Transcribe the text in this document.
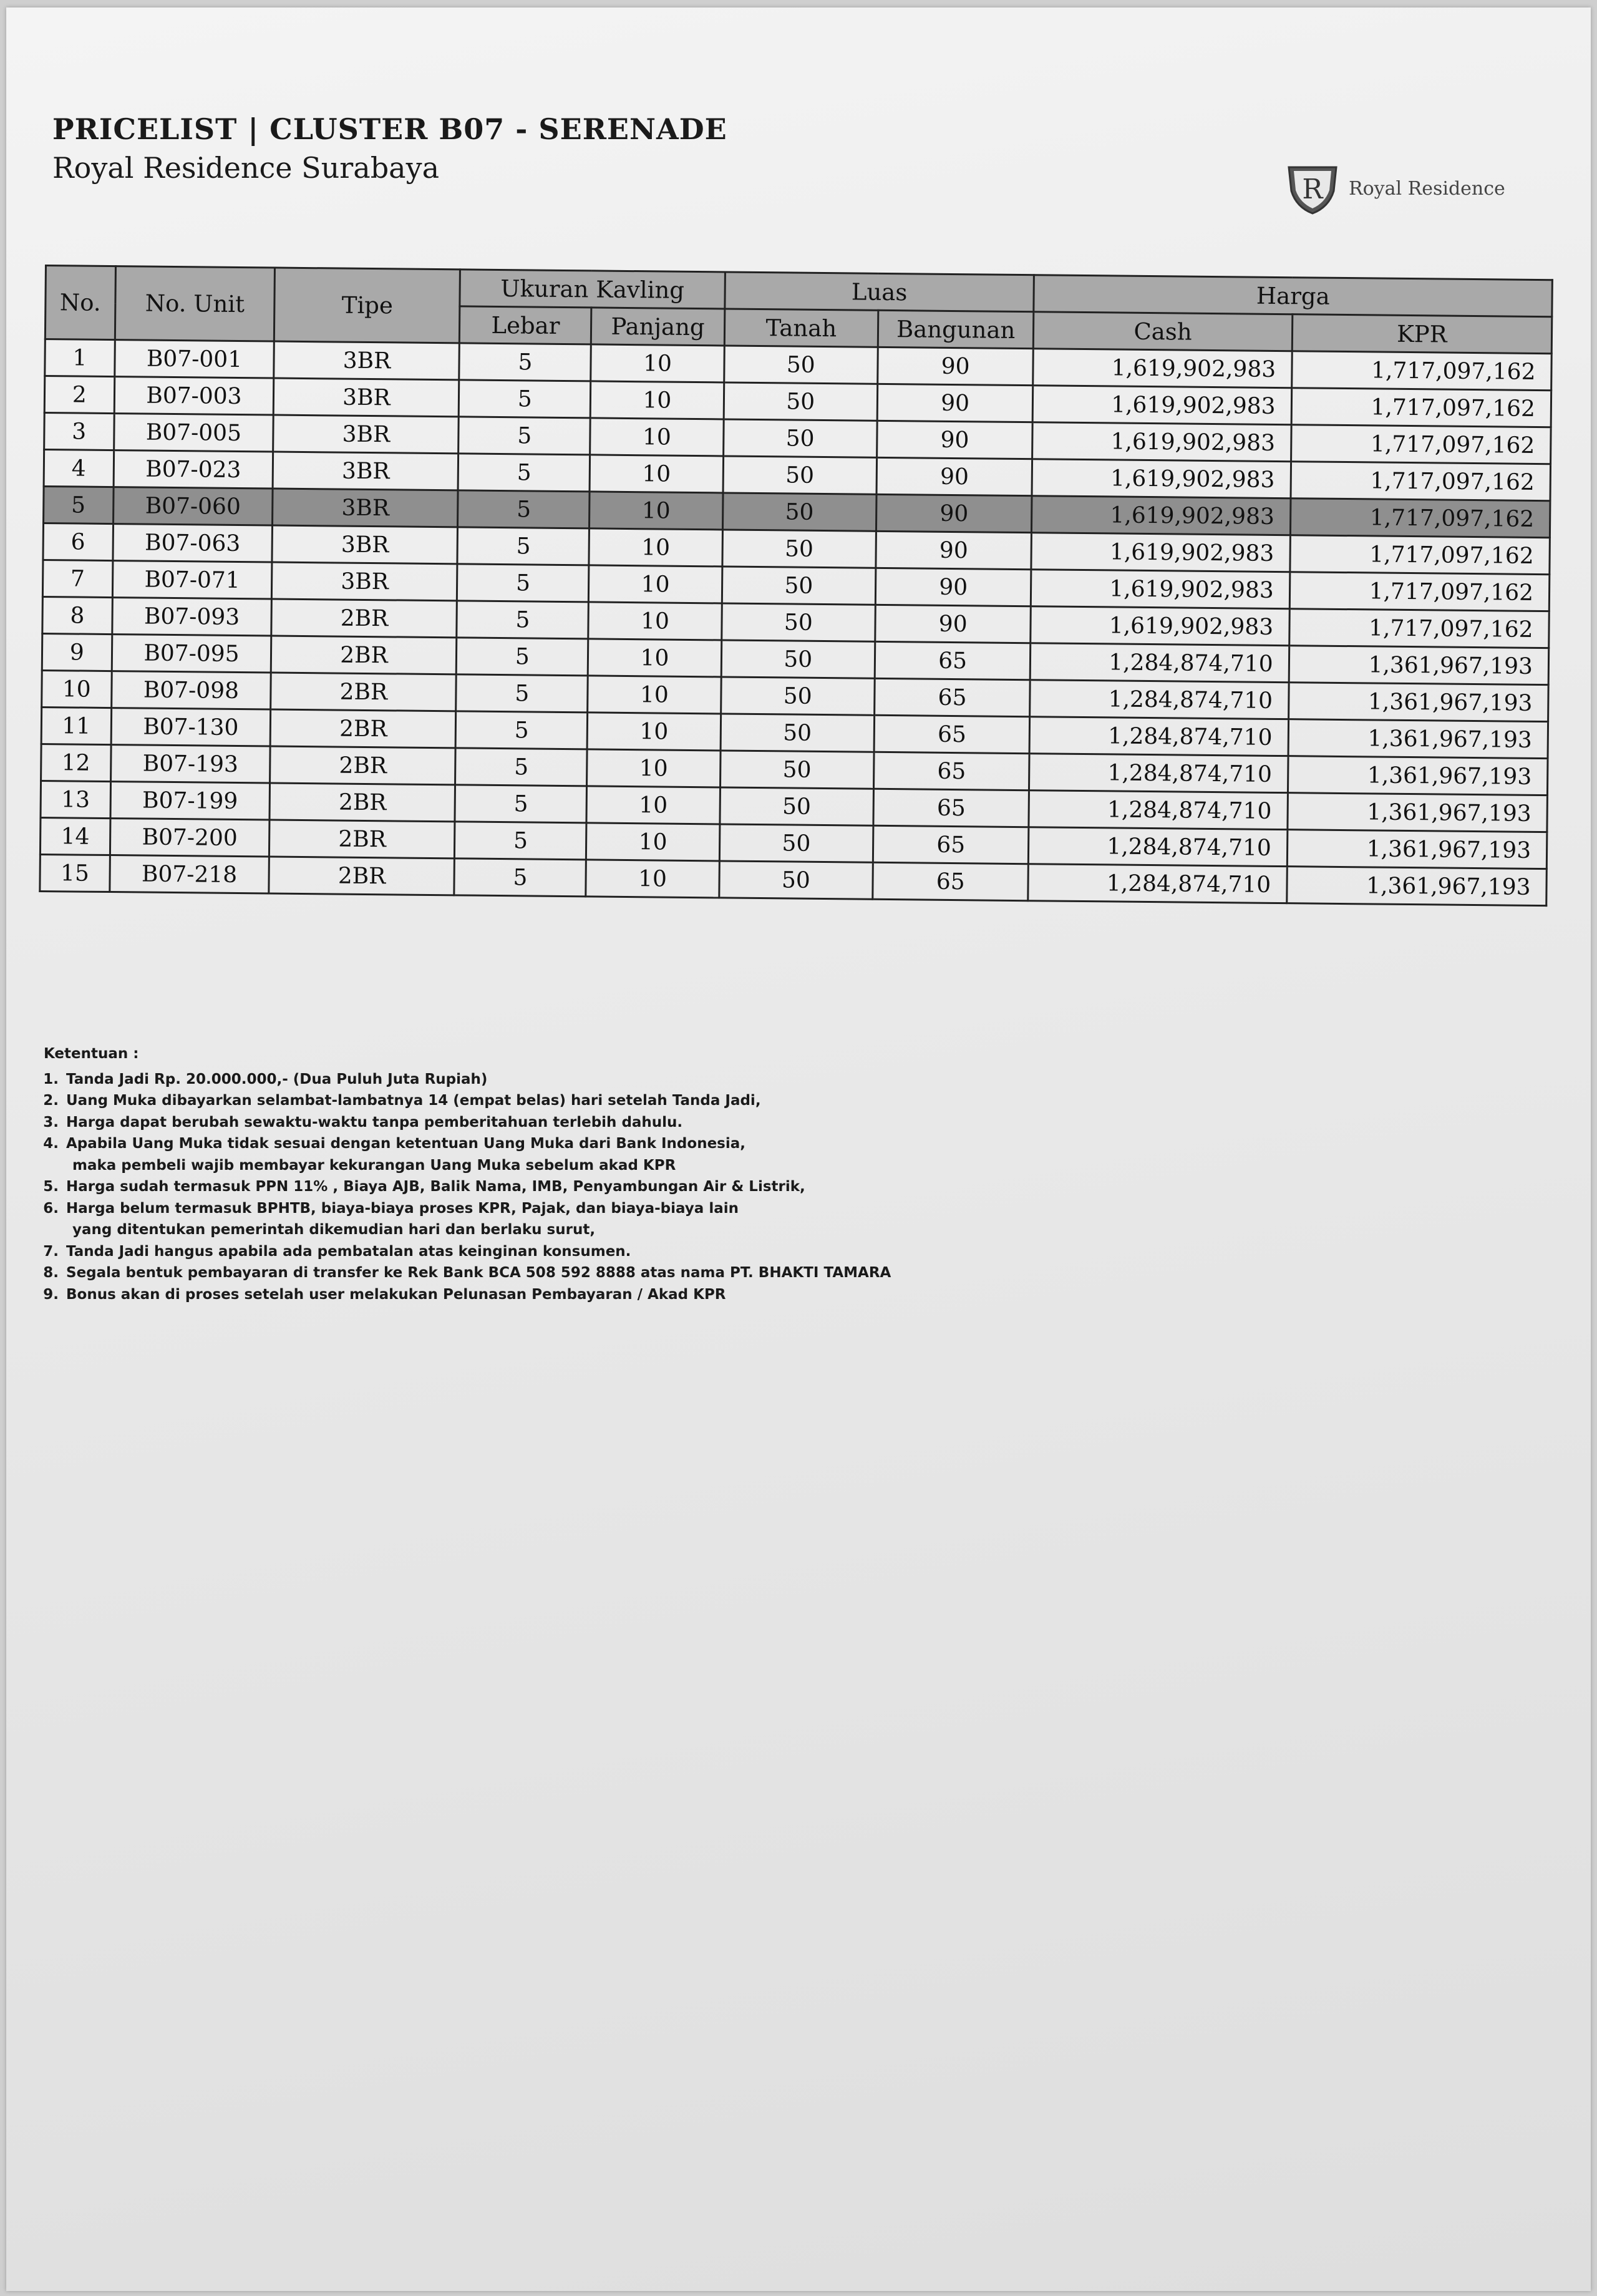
PRICELIST | CLUSTER B07 - SERENADE
Royal Residence Surabaya
R	Royal Residence
No.	No. Unit	Tipe	Ukuran Kavling		Luas		Harga	
			Lebar	Panjang	Tanah	Bangunan	Cash	KPR
1	B07-001	3BR	5	10	50	90	1,619,902,983	1,717,097,162
2	B07-003	3BR	5	10	50	90	1,619,902,983	1,717,097,162
3	B07-005	3BR	5	10	50	90	1,619,902,983	1,717,097,162
4	B07-023	3BR	5	10	50	90	1,619,902,983	1,717,097,162
5	B07-060	3BR	5	10	50	90	1,619,902,983	1,717,097,162
6	B07-063	3BR	5	10	50	90	1,619,902,983	1,717,097,162
7	B07-071	3BR	5	10	50	90	1,619,902,983	1,717,097,162
8	B07-093	2BR	5	10	50	90	1,619,902,983	1,717,097,162
9	B07-095	2BR	5	10	50	65	1,284,874,710	1,361,967,193
10	B07-098	2BR	5	10	50	65	1,284,874,710	1,361,967,193
11	B07-130	2BR	5	10	50	65	1,284,874,710	1,361,967,193
12	B07-193	2BR	5	10	50	65	1,284,874,710	1,361,967,193
13	B07-199	2BR	5	10	50	65	1,284,874,710	1,361,967,193
14	B07-200	2BR	5	10	50	65	1,284,874,710	1,361,967,193
15	B07-218	2BR	5	10	50	65	1,284,874,710	1,361,967,193
Ketentuan :
1. Tanda Jadi Rp. 20.000.000,- (Dua Puluh Juta Rupiah)
2. Uang Muka dibayarkan selambat-lambatnya 14 (empat belas) hari setelah Tanda Jadi,
3. Harga dapat berubah sewaktu-waktu tanpa pemberitahuan terlebih dahulu.
4. Apabila Uang Muka tidak sesuai dengan ketentuan Uang Muka dari Bank Indonesia,
maka pembeli wajib membayar kekurangan Uang Muka sebelum akad KPR
5. Harga sudah termasuk PPN 11% , Biaya AJB, Balik Nama, IMB, Penyambungan Air & Listrik,
6. Harga belum termasuk BPHTB, biaya-biaya proses KPR, Pajak, dan biaya-biaya lain
yang ditentukan pemerintah dikemudian hari dan berlaku surut,
7. Tanda Jadi hangus apabila ada pembatalan atas keinginan konsumen.
8. Segala bentuk pembayaran di transfer ke Rek Bank BCA 508 592 8888 atas nama PT. BHAKTI TAMARA
9. Bonus akan di proses setelah user melakukan Pelunasan Pembayaran / Akad KPR
